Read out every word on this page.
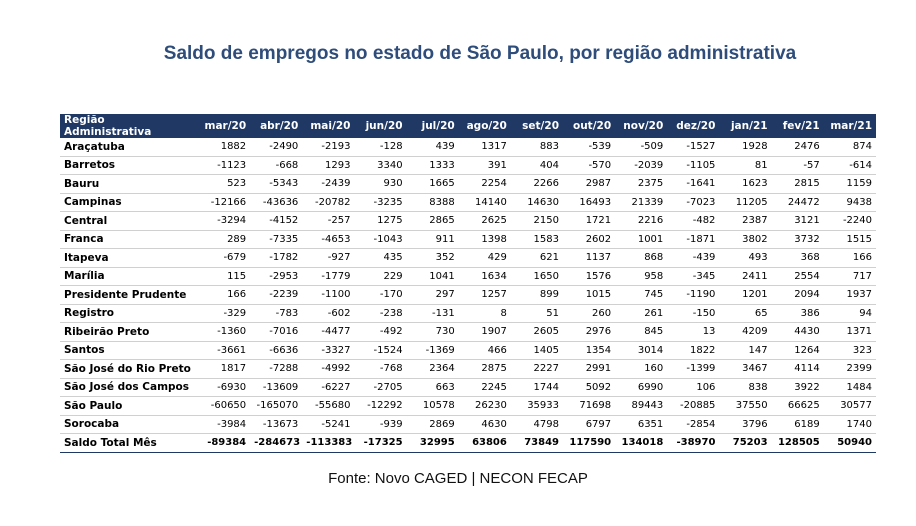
Saldo de empregos no estado de São Paulo, por região administrativa
Região Administrativa	mar/20	abr/20	mai/20	jun/20	jul/20	ago/20	set/20	out/20	nov/20	dez/20	jan/21	fev/21	mar/21
Araçatuba	1882	-2490	-2193	-128	439	1317	883	-539	-509	-1527	1928	2476	874
Barretos	-1123	-668	1293	3340	1333	391	404	-570	-2039	-1105	81	-57	-614
Bauru	523	-5343	-2439	930	1665	2254	2266	2987	2375	-1641	1623	2815	1159
Campinas	-12166	-43636	-20782	-3235	8388	14140	14630	16493	21339	-7023	11205	24472	9438
Central	-3294	-4152	-257	1275	2865	2625	2150	1721	2216	-482	2387	3121	-2240
Franca	289	-7335	-4653	-1043	911	1398	1583	2602	1001	-1871	3802	3732	1515
Itapeva	-679	-1782	-927	435	352	429	621	1137	868	-439	493	368	166
Marília	115	-2953	-1779	229	1041	1634	1650	1576	958	-345	2411	2554	717
Presidente Prudente	166	-2239	-1100	-170	297	1257	899	1015	745	-1190	1201	2094	1937
Registro	-329	-783	-602	-238	-131	8	51	260	261	-150	65	386	94
Ribeirão Preto	-1360	-7016	-4477	-492	730	1907	2605	2976	845	13	4209	4430	1371
Santos	-3661	-6636	-3327	-1524	-1369	466	1405	1354	3014	1822	147	1264	323
São José do Rio Preto	1817	-7288	-4992	-768	2364	2875	2227	2991	160	-1399	3467	4114	2399
São José dos Campos	-6930	-13609	-6227	-2705	663	2245	1744	5092	6990	106	838	3922	1484
São Paulo	-60650	-165070	-55680	-12292	10578	26230	35933	71698	89443	-20885	37550	66625	30577
Sorocaba	-3984	-13673	-5241	-939	2869	4630	4798	6797	6351	-2854	3796	6189	1740
Saldo Total Mês	-89384	-284673	-113383	-17325	32995	63806	73849	117590	134018	-38970	75203	128505	50940
Fonte: Novo CAGED | NECON FECAP
